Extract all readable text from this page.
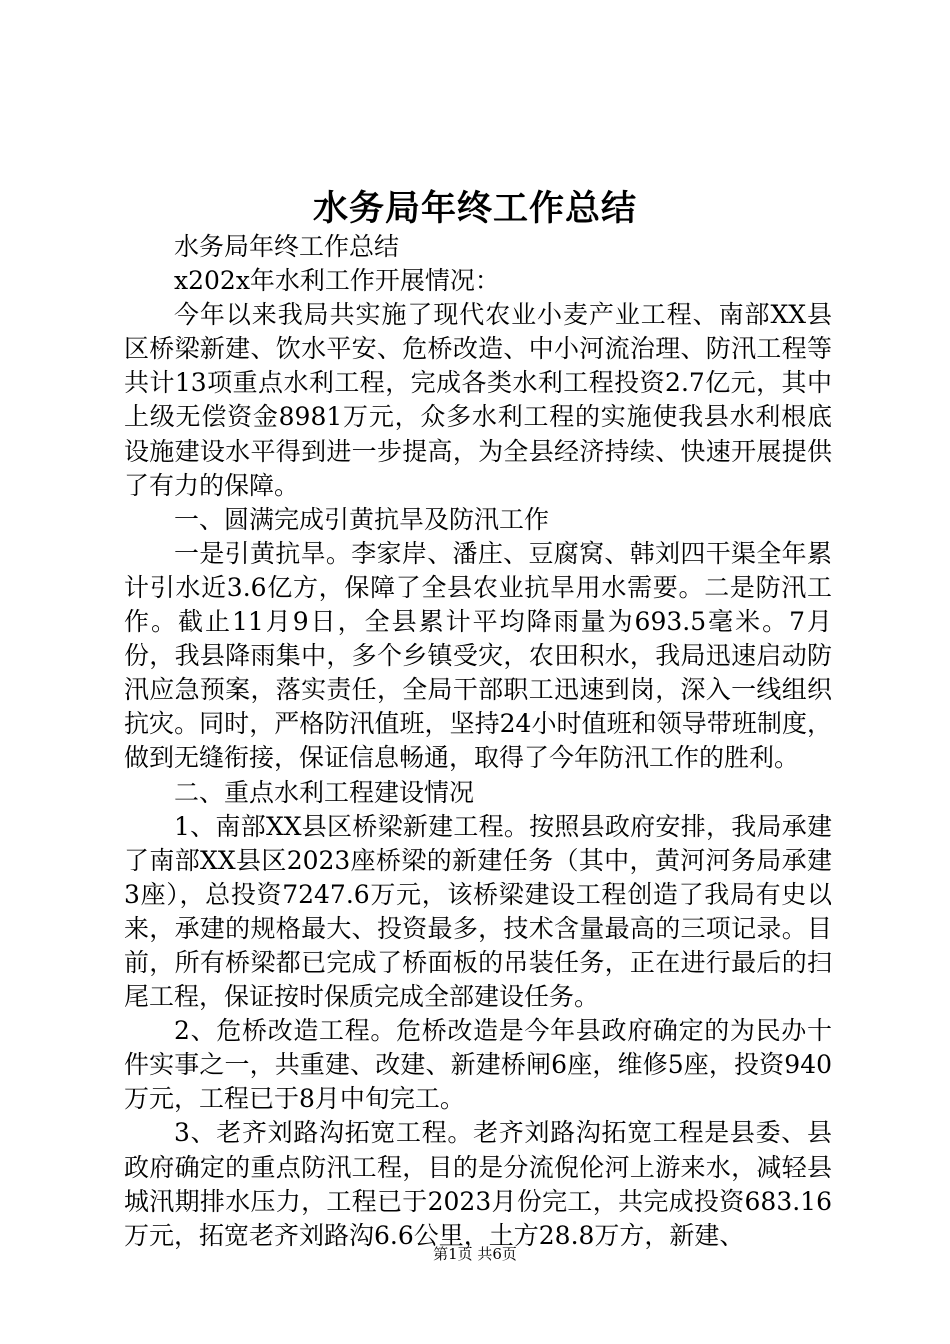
水务局年终工作总结

水务局年终工作总结

x202x年水利工作开展情况：

今年以来我局共实施了现代农业小麦产业工程、南部XX县区桥梁新建、饮水平安、危桥改造、中小河流治理、防汛工程等共计13项重点水利工程，完成各类水利工程投资2.7亿元，其中上级无偿资金8981万元，众多水利工程的实施使我县水利根底设施建设水平得到进一步提高，为全县经济持续、快速开展提供了有力的保障。

一、圆满完成引黄抗旱及防汛工作

一是引黄抗旱。李家岸、潘庄、豆腐窝、韩刘四干渠全年累计引水近3.6亿方，保障了全县农业抗旱用水需要。二是防汛工作。截止11月9日，全县累计平均降雨量为693.5毫米。7月份，我县降雨集中，多个乡镇受灾，农田积水，我局迅速启动防汛应急预案，落实责任，全局干部职工迅速到岗，深入一线组织抗灾。同时，严格防汛值班，坚持24小时值班和领导带班制度，做到无缝衔接，保证信息畅通，取得了今年防汛工作的胜利。

二、重点水利工程建设情况

1、南部XX县区桥梁新建工程。按照县政府安排，我局承建了南部XX县区2023座桥梁的新建任务（其中，黄河河务局承建3座），总投资7247.6万元，该桥梁建设工程创造了我局有史以来，承建的规格最大、投资最多，技术含量最高的三项记录。目前，所有桥梁都已完成了桥面板的吊装任务，正在进行最后的扫尾工程，保证按时保质完成全部建设任务。

2、危桥改造工程。危桥改造是今年县政府确定的为民办十件实事之一，共重建、改建、新建桥闸6座，维修5座，投资940万元，工程已于8月中旬完工。

3、老齐刘路沟拓宽工程。老齐刘路沟拓宽工程是县委、县政府确定的重点防汛工程，目的是分流倪伦河上游来水，减轻县城汛期排水压力，工程已于2023月份完工，共完成投资683.16万元，拓宽老齐刘路沟6.6公里，土方28.8万方，新建、

第1页 共6页
